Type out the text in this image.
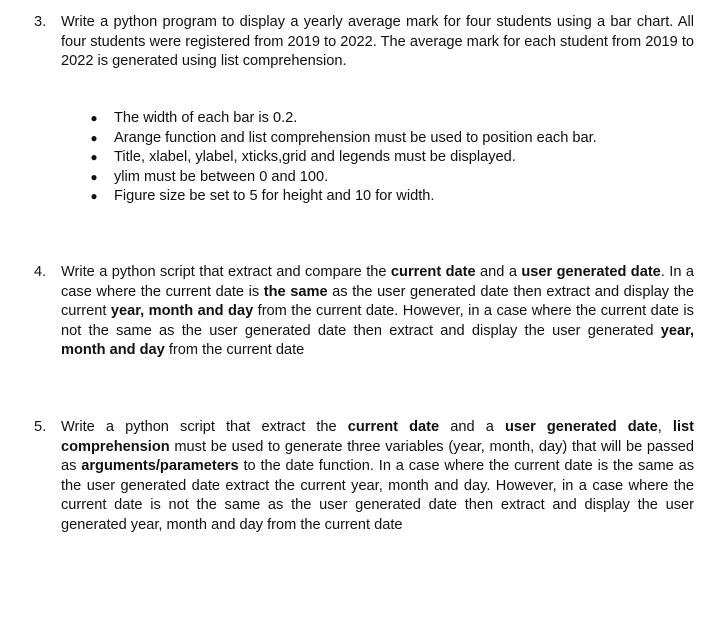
3.	Write a python program to display a yearly average mark for four students using a bar chart. All four students were registered from 2019 to 2022. The average mark for each student from 2019 to 2022 is generated using list comprehension.
● The width of each bar is 0.2.
● Arange function and list comprehension must be used to position each bar.
● Title, xlabel, ylabel, xticks,grid and legends must be displayed.
● ylim must be between 0 and 100.
● Figure size be set to 5 for height and 10 for width.
4.	Write a python script that extract and compare the current date and a user generated date. In a case where the current date is the same as the user generated date then extract and display the current year, month and day from the current date. However, in a case where the current date is not the same as the user generated date then extract and display the user generated year, month and day from the current date
5.	Write a python script that extract the current date and a user generated date, list comprehension must be used to generate three variables (year, month, day) that will be passed as arguments/parameters to the date function. In a case where the current date is the same as the user generated date extract the current year, month and day. However, in a case where the current date is not the same as the user generated date then extract and display the user generated year, month and day from the current date
